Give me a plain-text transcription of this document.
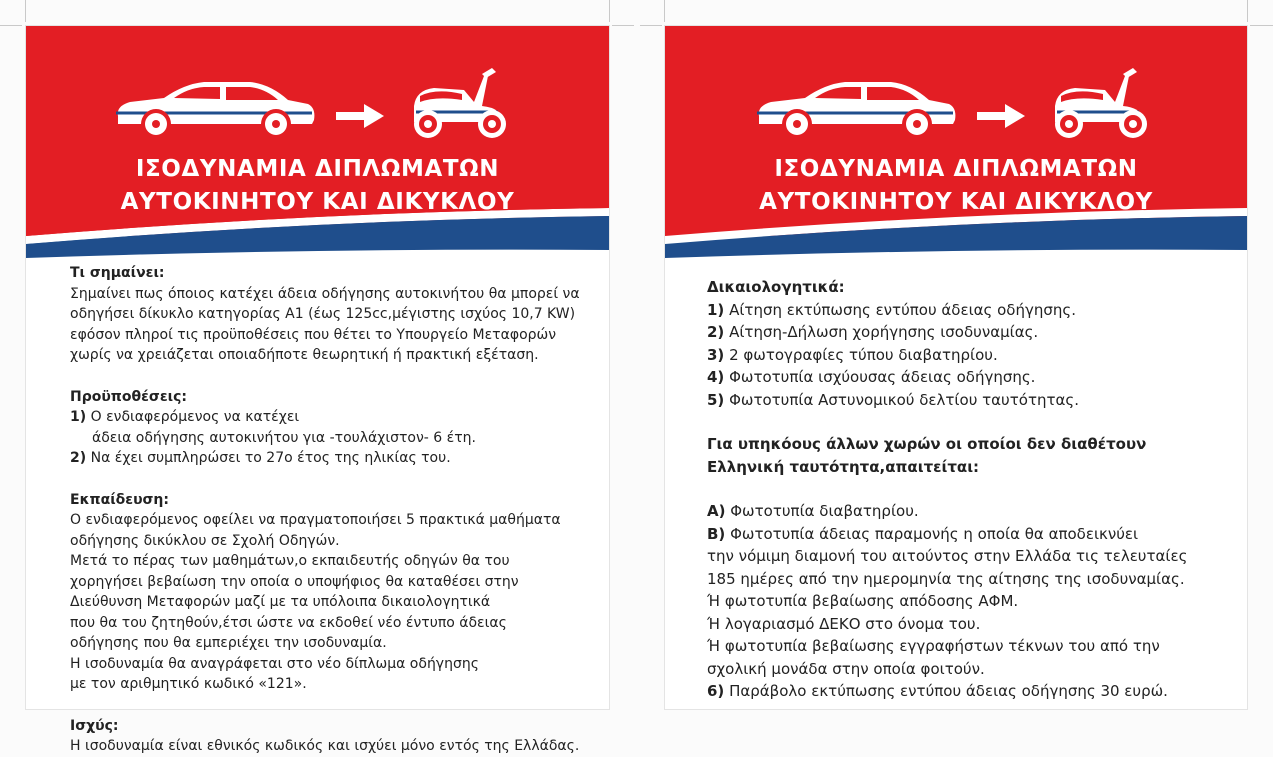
ΙΣΟΔΥΝΑΜΙΑ ΔΙΠΛΩΜΑΤΩΝ
ΑΥΤΟΚΙΝΗΤΟΥ ΚΑΙ ΔΙΚΥΚΛΟΥ
Τι σημαίνει:
Σημαίνει πως όποιος κατέχει άδεια οδήγησης αυτοκινήτου θα μπορεί να
οδηγήσει δίκυκλο κατηγορίας Α1 (έως 125cc,μέγιστης ισχύος 10,7 KW)
εφόσον πληροί τις προϋποθέσεις που θέτει το Υπουργείο Μεταφορών
χωρίς να χρειάζεται οποιαδήποτε θεωρητική ή πρακτική εξέταση.
Προϋποθέσεις:
1) Ο ενδιαφερόμενος να κατέχει
άδεια οδήγησης αυτοκινήτου για -τουλάχιστον- 6 έτη.
2) Να έχει συμπληρώσει το 27ο έτος της ηλικίας του.
Εκπαίδευση:
Ο ενδιαφερόμενος οφείλει να πραγματοποιήσει 5 πρακτικά μαθήματα
οδήγησης δικύκλου σε Σχολή Οδηγών.
Μετά το πέρας των μαθημάτων,ο εκπαιδευτής οδηγών θα του
χορηγήσει βεβαίωση την οποία ο υποψήφιος θα καταθέσει στην
Διεύθυνση Μεταφορών μαζί με τα υπόλοιπα δικαιολογητικά
που θα του ζητηθούν,έτσι ώστε να εκδοθεί νέο έντυπο άδειας
οδήγησης που θα εμπεριέχει την ισοδυναμία.
Η ισοδυναμία θα αναγράφεται στο νέο δίπλωμα οδήγησης
με τον αριθμητικό κωδικό «121».
Ισχύς:
Η ισοδυναμία είναι εθνικός κωδικός και ισχύει μόνο εντός της Ελλάδας.
ΙΣΟΔΥΝΑΜΙΑ ΔΙΠΛΩΜΑΤΩΝ
ΑΥΤΟΚΙΝΗΤΟΥ ΚΑΙ ΔΙΚΥΚΛΟΥ
Δικαιολογητικά:
1) Αίτηση εκτύπωσης εντύπου άδειας οδήγησης.
2) Αίτηση-Δήλωση χορήγησης ισοδυναμίας.
3) 2 φωτογραφίες τύπου διαβατηρίου.
4) Φωτοτυπία ισχύουσας άδειας οδήγησης.
5) Φωτοτυπία Αστυνομικού δελτίου ταυτότητας.
Για υπηκόους άλλων χωρών οι οποίοι δεν διαθέτουν
Ελληνική ταυτότητα,απαιτείται:
Α) Φωτοτυπία διαβατηρίου.
Β) Φωτοτυπία άδειας παραμονής η οποία θα αποδεικνύει
την νόμιμη διαμονή του αιτούντος στην Ελλάδα τις τελευταίες
185 ημέρες από την ημερομηνία της αίτησης της ισοδυναμίας.
Ή φωτοτυπία βεβαίωσης απόδοσης ΑΦΜ.
Ή λογαριασμό ΔΕΚΟ στο όνομα του.
Ή φωτοτυπία βεβαίωσης εγγραφήστων τέκνων του από την
σχολική μονάδα στην οποία φοιτούν.
6) Παράβολο εκτύπωσης εντύπου άδειας οδήγησης 30 ευρώ.
